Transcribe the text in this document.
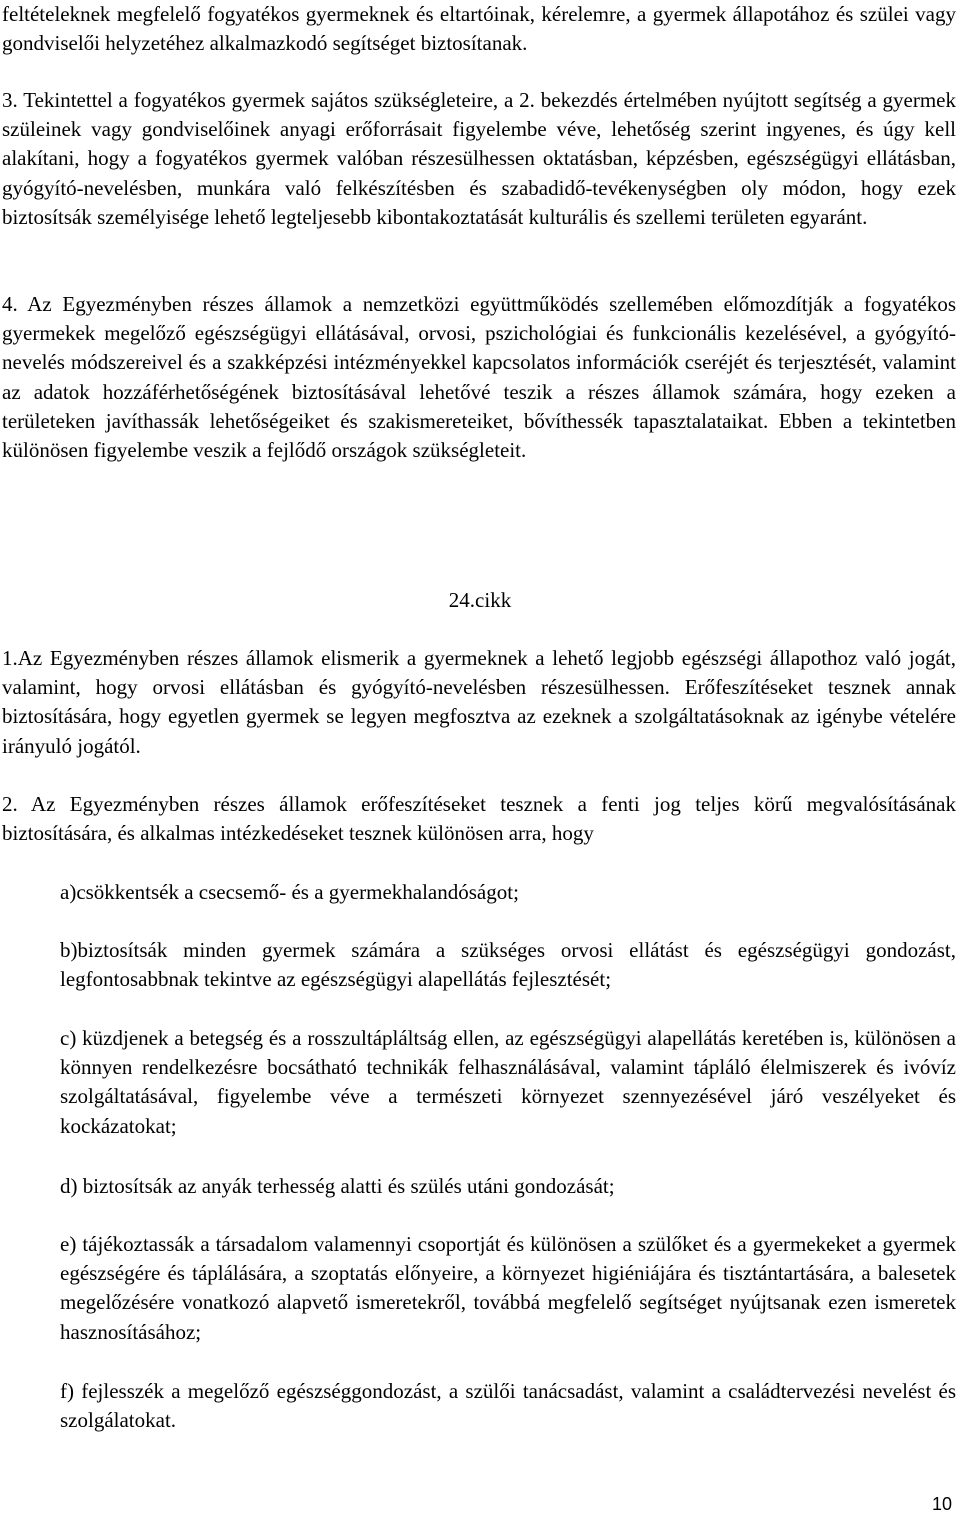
feltételeknek megfelelő fogyatékos gyermeknek és eltartóinak, kérelemre, a gyermek állapotához és szülei vagy gondviselői helyzetéhez alkalmazkodó segítséget biztosítanak.

3. Tekintettel a fogyatékos gyermek sajátos szükségleteire, a 2. bekezdés értelmében nyújtott segítség a gyermek szüleinek vagy gondviselőinek anyagi erőforrásait figyelembe véve, lehetőség szerint ingyenes, és úgy kell alakítani, hogy a fogyatékos gyermek valóban részesülhessen oktatásban, képzésben, egészségügyi ellátásban, gyógyító-nevelésben, munkára való felkészítésben és szabadidő-tevékenységben oly módon, hogy ezek biztosítsák személyisége lehető legteljesebb kibontakoztatását kulturális és szellemi területen egyaránt.

4. Az Egyezményben részes államok a nemzetközi együttműködés szellemében előmozdítják a fogyatékos gyermekek megelőző egészségügyi ellátásával, orvosi, pszichológiai és funkcionális kezelésével, a gyógyító-nevelés módszereivel és a szakképzési intézményekkel kapcsolatos információk cseréjét és terjesztését, valamint az adatok hozzáférhetőségének biztosításával lehetővé teszik a részes államok számára, hogy ezeken a területeken javíthassák lehetőségeiket és szakismereteiket, bővíthessék tapasztalataikat. Ebben a tekintetben különösen figyelembe veszik a fejlődő országok szükségleteit.

24.cikk

1.Az Egyezményben részes államok elismerik a gyermeknek a lehető legjobb egészségi állapothoz való jogát, valamint, hogy orvosi ellátásban és gyógyító-nevelésben részesülhessen. Erőfeszítéseket tesznek annak biztosítására, hogy egyetlen gyermek se legyen megfosztva az ezeknek a szolgáltatásoknak az igénybe vételére irányuló jogától.

2. Az Egyezményben részes államok erőfeszítéseket tesznek a fenti jog teljes körű megvalósításának biztosítására, és alkalmas intézkedéseket tesznek különösen arra, hogy

a)csökkentsék a csecsemő- és a gyermekhalandóságot;

b)biztosítsák minden gyermek számára a szükséges orvosi ellátást és egészségügyi gondozást, legfontosabbnak tekintve az egészségügyi alapellátás fejlesztését;

c) küzdjenek a betegség és a rosszultápláltság ellen, az egészségügyi alapellátás keretében is, különösen a könnyen rendelkezésre bocsátható technikák felhasználásával, valamint tápláló élelmiszerek és ivóvíz szolgáltatásával, figyelembe véve a természeti környezet szennyezésével járó veszélyeket és kockázatokat;

d) biztosítsák az anyák terhesség alatti és szülés utáni gondozását;

e) tájékoztassák a társadalom valamennyi csoportját és különösen a szülőket és a gyermekeket a gyermek egészségére és táplálására, a szoptatás előnyeire, a környezet higiéniájára és tisztántartására, a balesetek megelőzésére vonatkozó alapvető ismeretekről, továbbá megfelelő segítséget nyújtsanak ezen ismeretek hasznosításához;

f) fejlesszék a megelőző egészséggondozást, a szülői tanácsadást, valamint a családtervezési nevelést és szolgálatokat.

10
